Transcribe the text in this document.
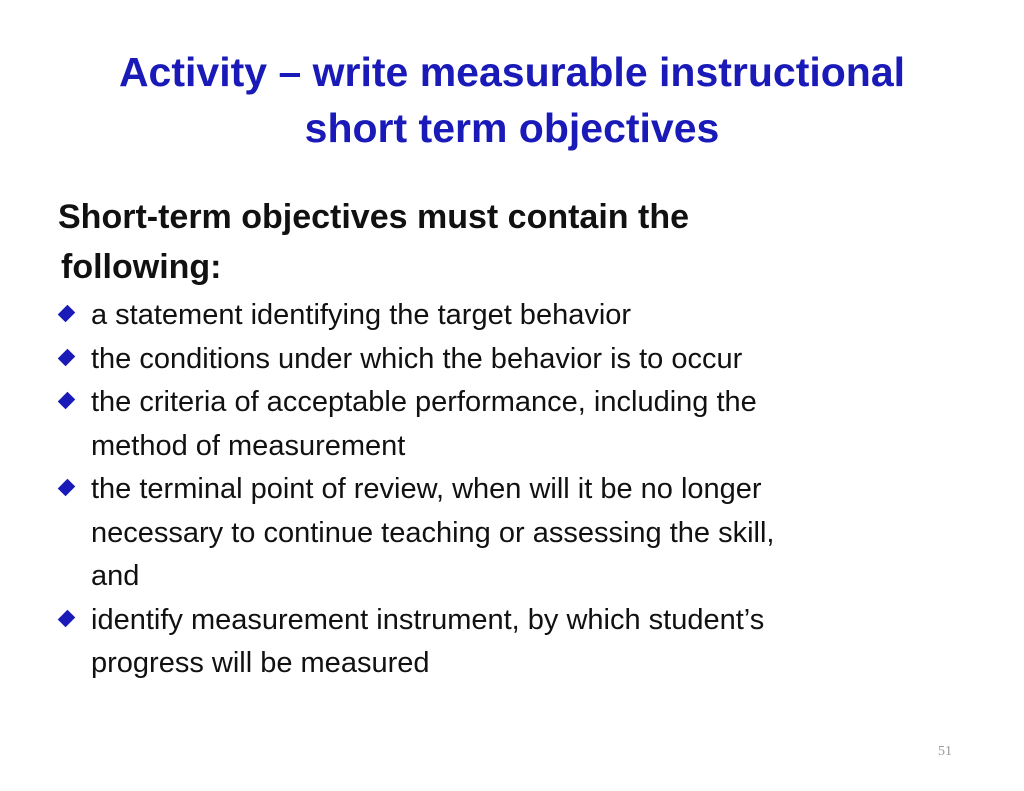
Activity – write measurable instructional
short term objectives

Short-term objectives must contain the
following:

a statement identifying the target behavior
the conditions under which the behavior is to occur
the criteria of acceptable performance, including the
method of measurement
the terminal point of review, when will it be no longer
necessary to continue teaching or assessing the skill,
and
identify measurement instrument, by which student’s
progress will be measured
51
